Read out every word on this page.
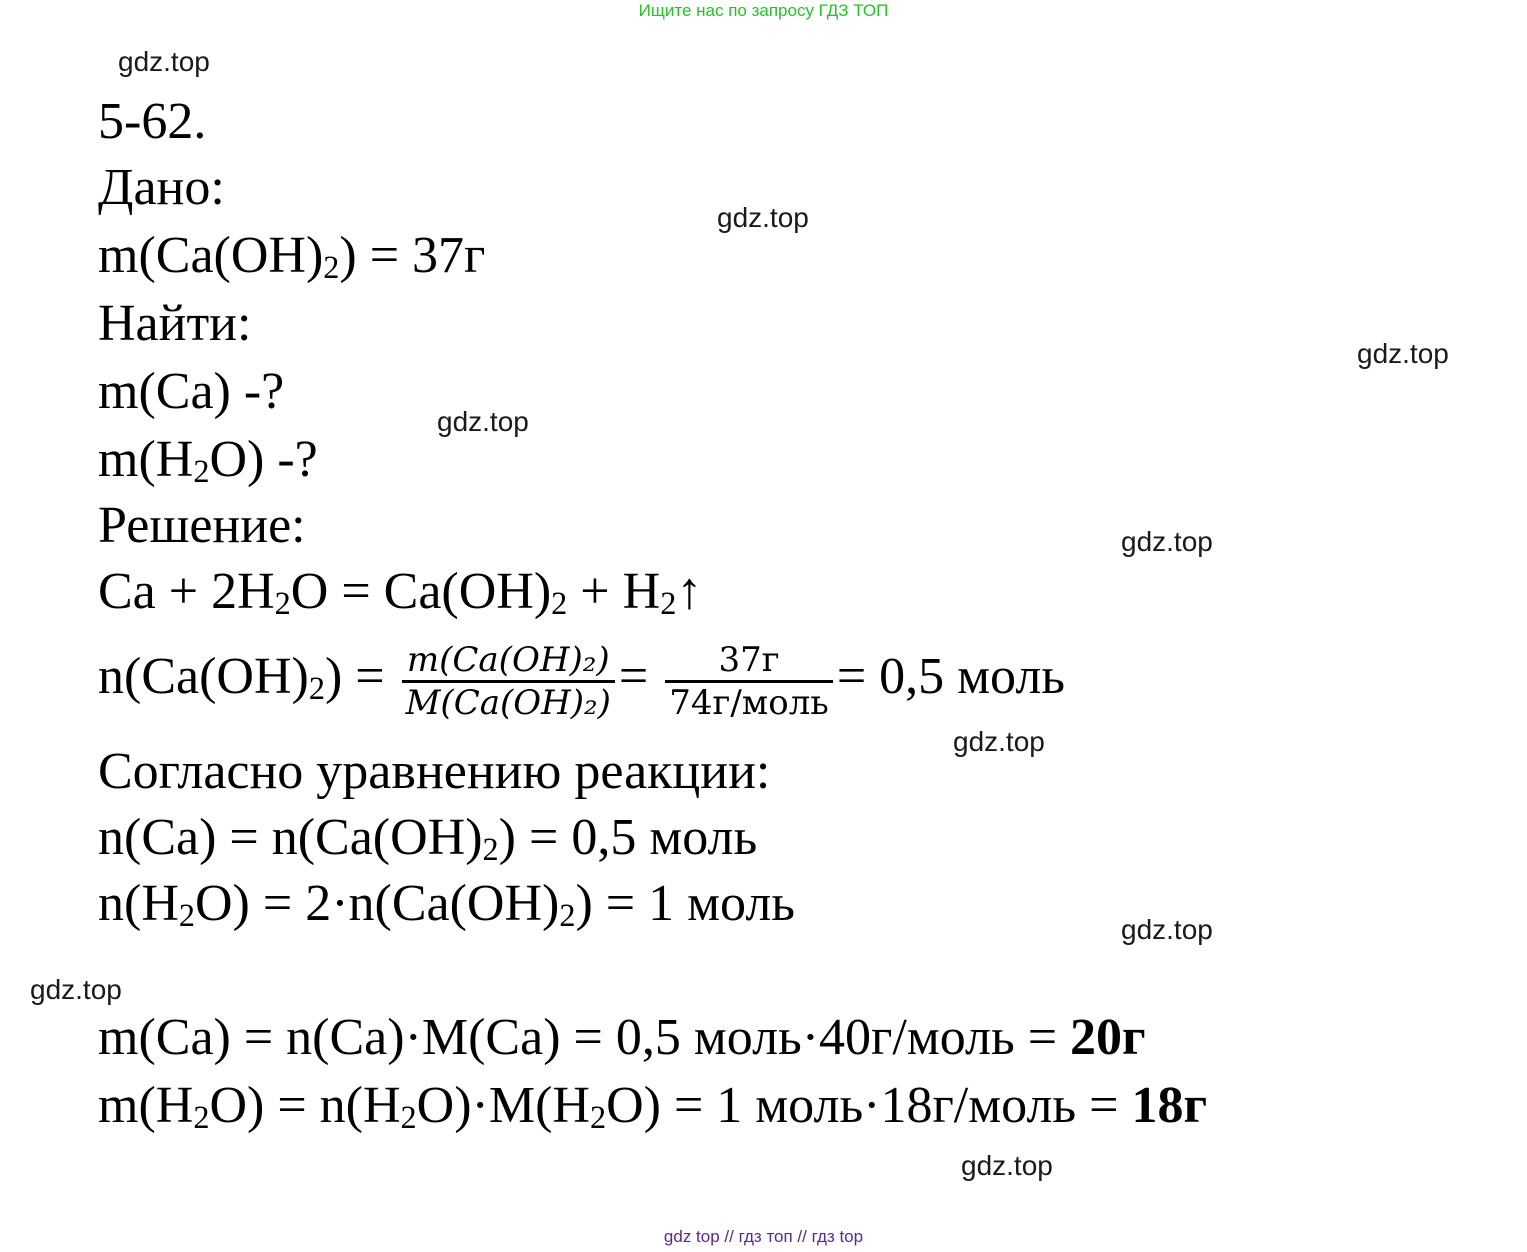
Ищите нас по запросу ГДЗ ТОП
gdz.top
gdz.top
gdz.top
gdz.top
gdz.top
gdz.top
gdz.top
gdz.top
gdz.top
5-62.
Дано:
$m(Ca(OH)_2) = 37г$
Найти:
m(Ca) -?
$m(H_2O)$ -?
Решение:
$Ca + 2H_2O = Ca(OH)_2$ + $H_2↑$
$n(Ca(OH)_2) = \frac{\text{m(Ca(OH)₂)}}{\text{M(Ca(OH)₂)}} = \frac{37г}{\text{74г/моль}} = 0,5$ моль
Согласно уравнению реакции:
$n(Ca) = n(Ca(OH)_2) = 0,5$ моль
$n(H_2O) = 2\cdot n(Ca(OH)_2) = 1$ моль
m(Ca) = n(Ca)·M(Ca) = 0,5 моль·40г/моль = 20г
$m(H_2O) = n(H_2O)\cdot M(H_2O) = 1$ моль·18г/моль = 18г
gdz top // гдз топ // гдз top
